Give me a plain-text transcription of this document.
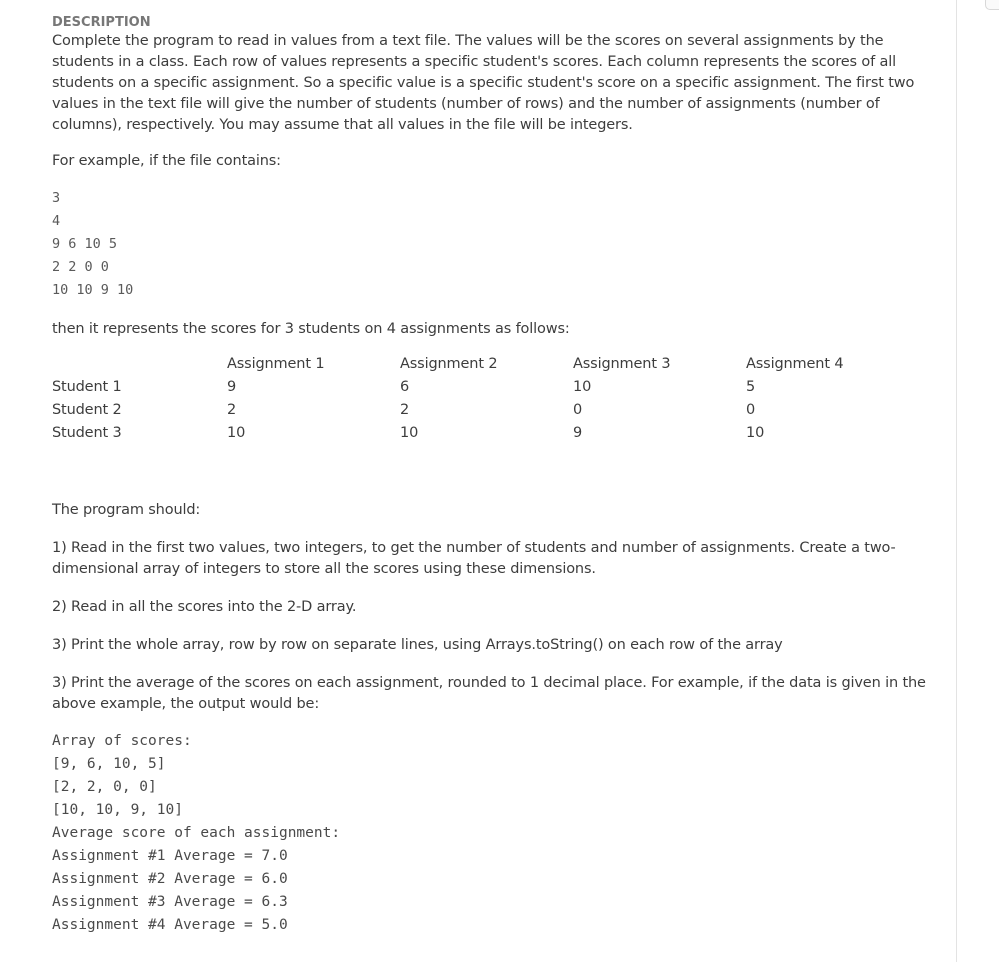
DESCRIPTION

Complete the program to read in values from a text file. The values will be the scores on several assignments by the students in a class. Each row of values represents a specific student's scores. Each column represents the scores of all students on a specific assignment. So a specific value is a specific student's score on a specific assignment. The first two values in the text file will give the number of students (number of rows) and the number of assignments (number of columns), respectively. You may assume that all values in the file will be integers.

For example, if the file contains:

3
4
9 6 10 5
2 2 0 0
10 10 9 10

then it represents the scores for 3 students on 4 assignments as follows:

	Assignment 1	Assignment 2	Assignment 3	Assignment 4
Student 1	9	6	10	5
Student 2	2	2	0	0
Student 3	10	10	9	10

The program should:

1) Read in the first two values, two integers, to get the number of students and number of assignments. Create a two-dimensional array of integers to store all the scores using these dimensions.

2) Read in all the scores into the 2-D array.

3) Print the whole array, row by row on separate lines, using Arrays.toString() on each row of the array

3) Print the average of the scores on each assignment, rounded to 1 decimal place. For example, if the data is given in the above example, the output would be:

Array of scores:
[9, 6, 10, 5]
[2, 2, 0, 0]
[10, 10, 9, 10]
Average score of each assignment:
Assignment #1 Average = 7.0
Assignment #2 Average = 6.0
Assignment #3 Average = 6.3
Assignment #4 Average = 5.0
